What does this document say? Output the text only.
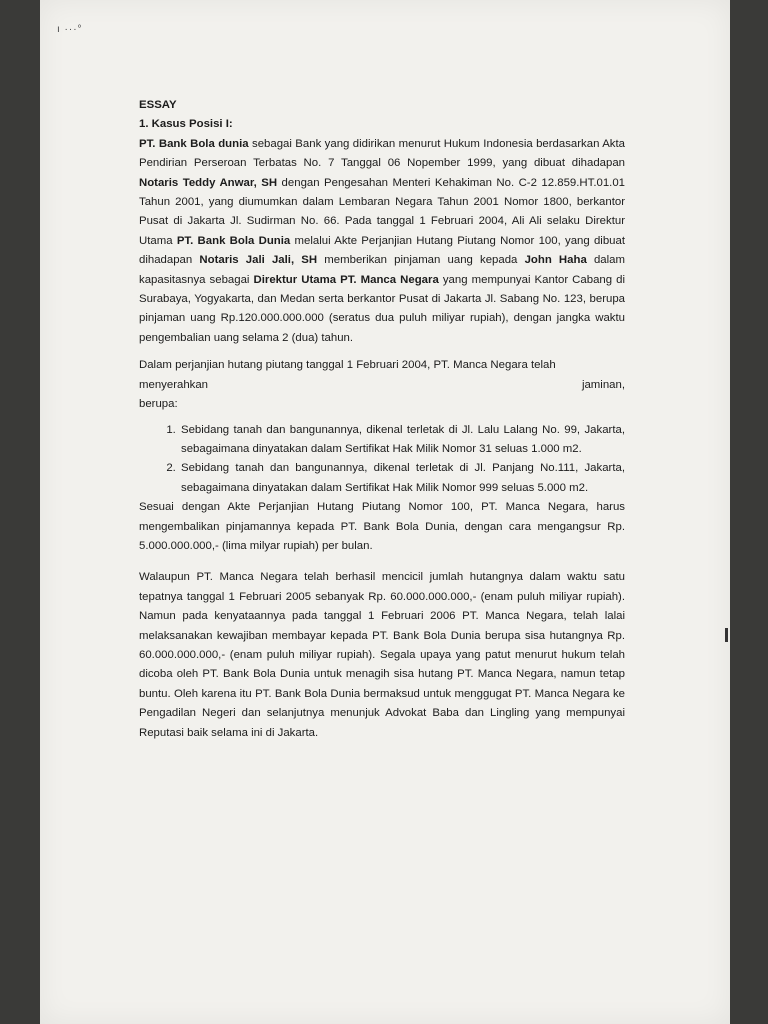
ı ···°
ESSAY
1. Kasus Posisi I:

PT. Bank Bola dunia sebagai Bank yang didirikan menurut Hukum Indonesia berdasarkan Akta Pendirian Perseroan Terbatas No. 7 Tanggal 06 Nopember 1999, yang dibuat dihadapan Notaris Teddy Anwar, SH dengan Pengesahan Menteri Kehakiman No. C-2 12.859.HT.01.01 Tahun 2001, yang diumumkan dalam Lembaran Negara Tahun 2001 Nomor 1800, berkantor Pusat di Jakarta Jl. Sudirman No. 66. Pada tanggal 1 Februari 2004, Ali Ali selaku Direktur Utama PT. Bank Bola Dunia melalui Akte Perjanjian Hutang Piutang Nomor 100, yang dibuat dihadapan Notaris Jali Jali, SH memberikan pinjaman uang kepada John Haha dalam kapasitasnya sebagai Direktur Utama PT. Manca Negara yang mempunyai Kantor Cabang di Surabaya, Yogyakarta, dan Medan serta berkantor Pusat di Jakarta Jl. Sabang No. 123, berupa pinjaman uang Rp.120.000.000.000 (seratus dua puluh miliyar rupiah), dengan jangka waktu pengembalian uang selama 2 (dua) tahun.

Dalam perjanjian hutang piutang tanggal 1 Februari 2004, PT. Manca Negara telah
menyerahkan	jaminan,
berupa:
1. Sebidang tanah dan bangunannya, dikenal terletak di Jl. Lalu Lalang No. 99, Jakarta, sebagaimana dinyatakan dalam Sertifikat Hak Milik Nomor 31 seluas 1.000 m2.
2. Sebidang tanah dan bangunannya, dikenal terletak di Jl. Panjang No.111, Jakarta, sebagaimana dinyatakan dalam Sertifikat Hak Milik Nomor 999 seluas 5.000 m2.

Sesuai dengan Akte Perjanjian Hutang Piutang Nomor 100, PT. Manca Negara, harus mengembalikan pinjamannya kepada PT. Bank Bola Dunia, dengan cara mengangsur Rp. 5.000.000.000,- (lima milyar rupiah) per bulan.

Walaupun PT. Manca Negara telah berhasil mencicil jumlah hutangnya dalam waktu satu tepatnya tanggal 1 Februari 2005 sebanyak Rp. 60.000.000.000,- (enam puluh miliyar rupiah). Namun pada kenyataannya pada tanggal 1 Februari 2006 PT. Manca Negara, telah lalai melaksanakan kewajiban membayar kepada PT. Bank Bola Dunia berupa sisa hutangnya Rp. 60.000.000.000,- (enam puluh miliyar rupiah). Segala upaya yang patut menurut hukum telah dicoba oleh PT. Bank Bola Dunia untuk menagih sisa hutang PT. Manca Negara, namun tetap buntu. Oleh karena itu PT. Bank Bola Dunia bermaksud untuk menggugat PT. Manca Negara ke Pengadilan Negeri dan selanjutnya menunjuk Advokat Baba dan Lingling yang mempunyai Reputasi baik selama ini di Jakarta.
